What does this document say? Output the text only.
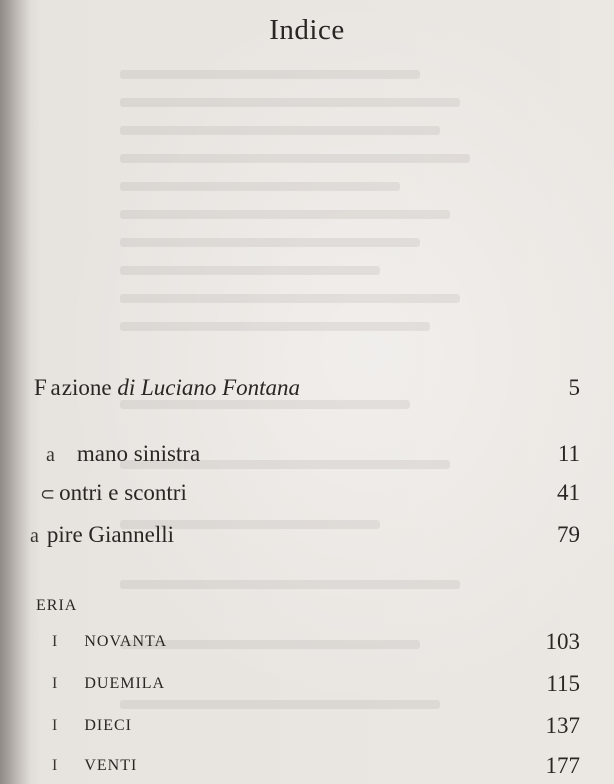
Indice
F azione di Luciano Fontana	5
a mano sinistra	11
⊂ ontri e scontri	41
a pire Giannelli	79
ERIA
I NOVANTA	103
I DUEMILA	115
I DIECI	137
I VENTI	177
